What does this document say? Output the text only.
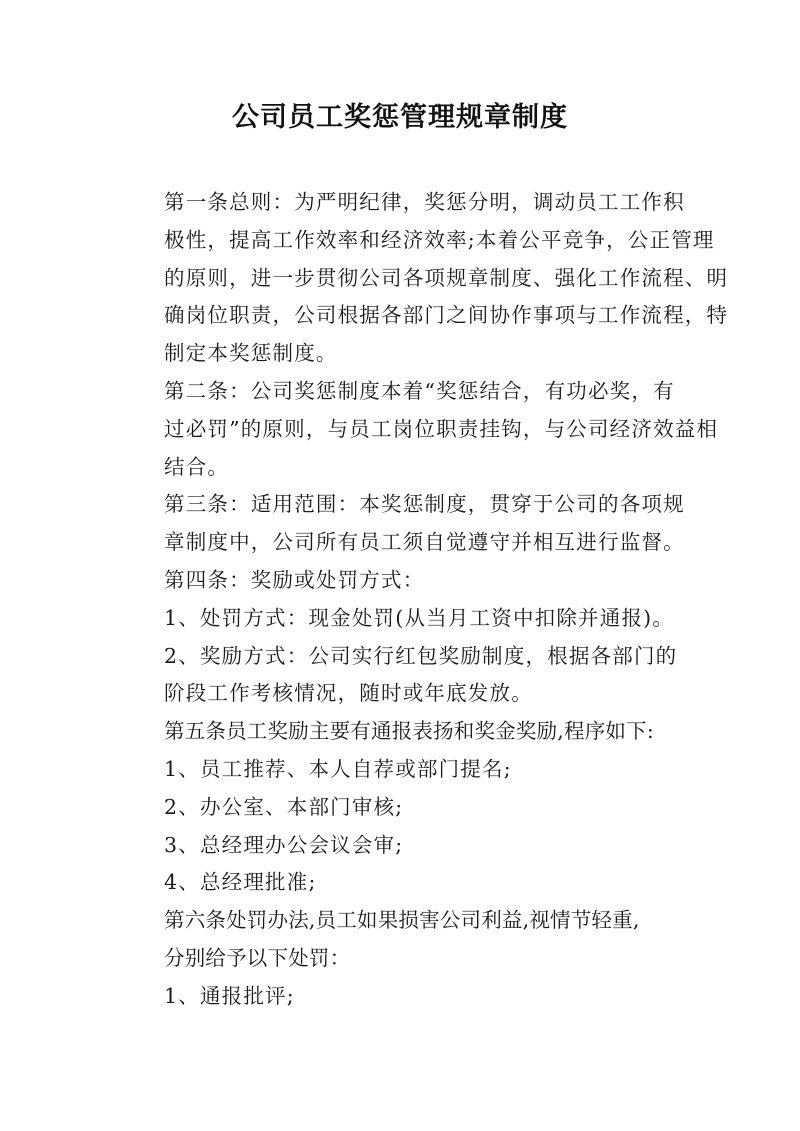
公司员工奖惩管理规章制度

第一条总则：为严明纪律，奖惩分明，调动员工工作积
极性，提高工作效率和经济效率;本着公平竞争，公正管理
的原则，进一步贯彻公司各项规章制度、强化工作流程、明
确岗位职责，公司根据各部门之间协作事项与工作流程，特
制定本奖惩制度。

第二条：公司奖惩制度本着“奖惩结合，有功必奖，有
过必罚”的原则，与员工岗位职责挂钩，与公司经济效益相
结合。

第三条：适用范围：本奖惩制度，贯穿于公司的各项规
章制度中，公司所有员工须自觉遵守并相互进行监督。

第四条：奖励或处罚方式：

1、处罚方式：现金处罚(从当月工资中扣除并通报)。

2、奖励方式：公司实行红包奖励制度，根据各部门的
阶段工作考核情况，随时或年底发放。

第五条员工奖励主要有通报表扬和奖金奖励,程序如下:

1、员工推荐、本人自荐或部门提名;

2、办公室、本部门审核;

3、总经理办公会议会审;

4、总经理批准;

第六条处罚办法,员工如果损害公司利益,视情节轻重,
分别给予以下处罚：

1、通报批评;
